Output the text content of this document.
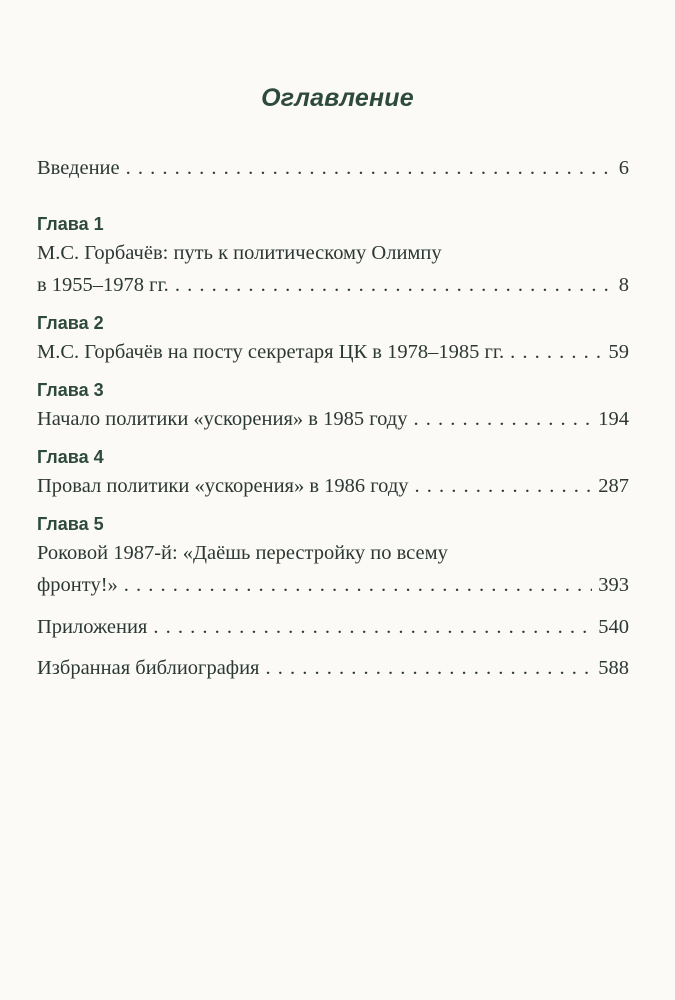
Оглавление
Введение . . .	6
Глава 1
М.С. Горбачёв: путь к политическому Олимпу
в 1955–1978 гг. . . .	8
Глава 2
М.С. Горбачёв на посту секретаря ЦК в 1978–1985 гг. . . .	59
Глава 3
Начало политики «ускорения» в 1985 году . . .	194
Глава 4
Провал политики «ускорения» в 1986 году . . .	287
Глава 5
Роковой 1987-й: «Даёшь перестройку по всему
фронту!» . . .	393
Приложения . . .	540
Избранная библиография . . .	588
